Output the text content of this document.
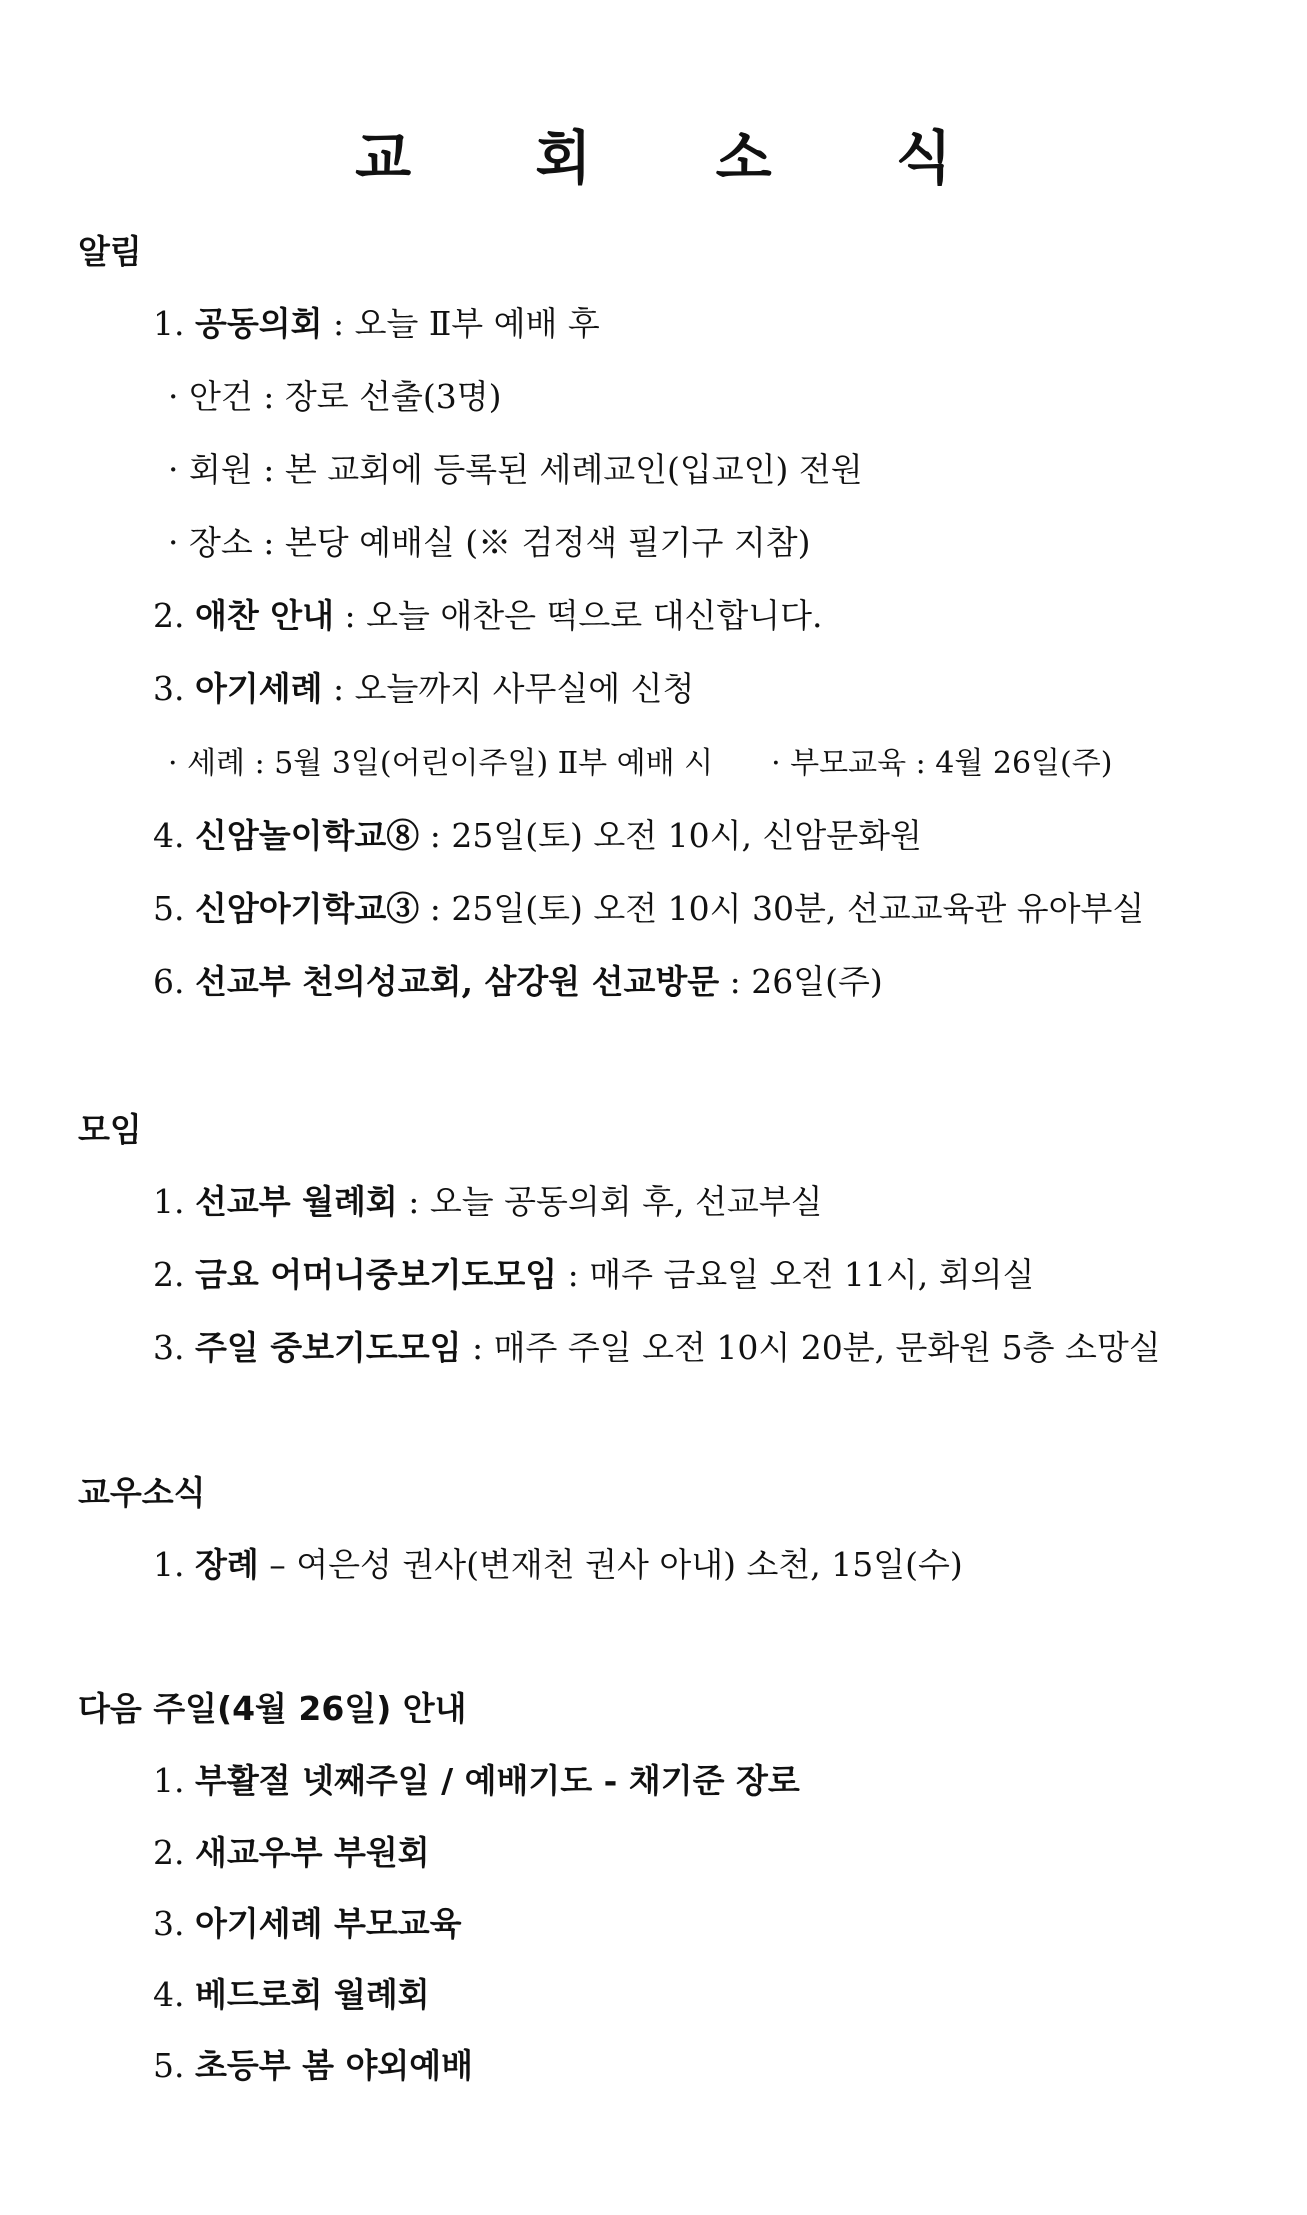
교 회 소 식
알림
1. 공동의회 : 오늘 Ⅱ부 예배 후
· 안건 : 장로 선출(3명)
· 회원 : 본 교회에 등록된 세례교인(입교인) 전원
· 장소 : 본당 예배실 (※ 검정색 필기구 지참)
2. 애찬 안내 : 오늘 애찬은 떡으로 대신합니다.
3. 아기세례 : 오늘까지 사무실에 신청
· 세례 : 5월 3일(어린이주일) Ⅱ부 예배 시 · 부모교육 : 4월 26일(주)
4. 신암놀이학교⑧ : 25일(토) 오전 10시, 신암문화원
5. 신암아기학교③ : 25일(토) 오전 10시 30분, 선교교육관 유아부실
6. 선교부 천의성교회, 삼강원 선교방문 : 26일(주)
모임
1. 선교부 월례회 : 오늘 공동의회 후, 선교부실
2. 금요 어머니중보기도모임 : 매주 금요일 오전 11시, 회의실
3. 주일 중보기도모임 : 매주 주일 오전 10시 20분, 문화원 5층 소망실
교우소식
1. 장례 – 여은성 권사(변재천 권사 아내) 소천, 15일(수)
다음 주일(4월 26일) 안내
1. 부활절 넷째주일 / 예배기도 - 채기준 장로
2. 새교우부 부원회
3. 아기세례 부모교육
4. 베드로회 월례회
5. 초등부 봄 야외예배
